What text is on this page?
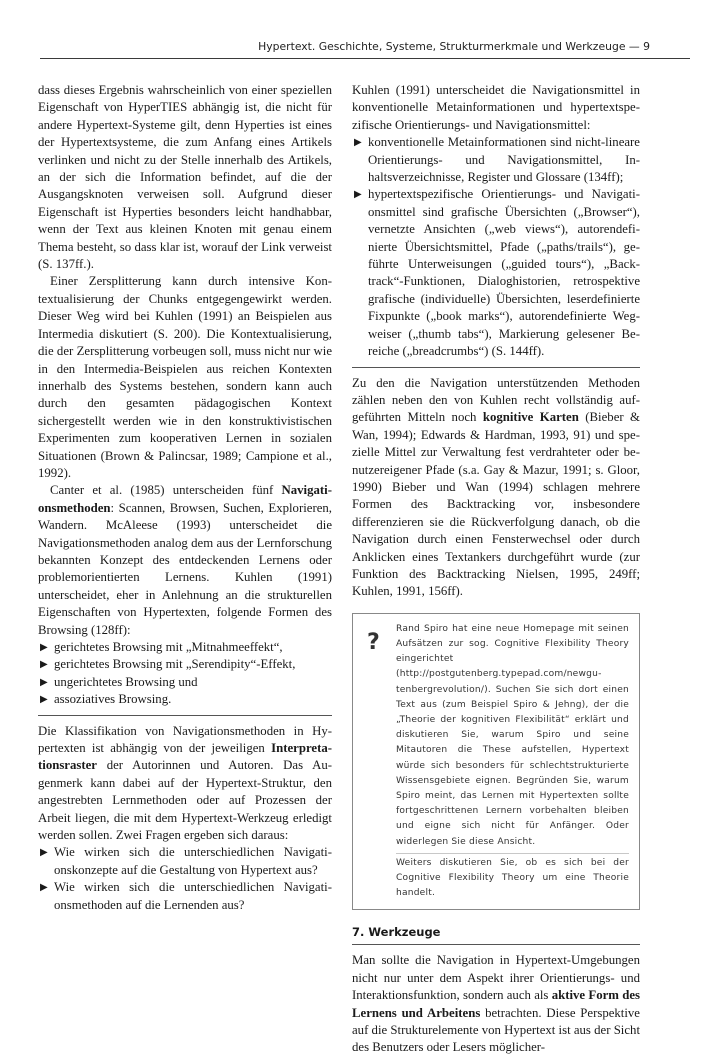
Hypertext. Geschichte, Systeme, Strukturmerkmale und Werkzeuge — 9

dass dieses Ergebnis wahrscheinlich von einer speziellen Eigenschaft von HyperTIES abhängig ist, die nicht für andere Hypertext-Systeme gilt, denn Hyperties ist eines der Hypertextsysteme, die zum Anfang eines Artikels verlinken und nicht zu der Stelle innerhalb des Artikels, an der sich die Information befindet, auf die der Ausgangsknoten verweisen soll. Aufgrund dieser Eigenschaft ist Hyperties besonders leicht handhabbar, wenn der Text aus kleinen Knoten mit genau einem Thema besteht, so dass klar ist, worauf der Link verweist (S. 137ff.).

Einer Zersplitterung kann durch intensive Kontextualisierung der Chunks entgegengewirkt werden. Dieser Weg wird bei Kuhlen (1991) an Beispielen aus Intermedia diskutiert (S. 200). Die Kontextualisierung, die der Zersplitterung vorbeugen soll, muss nicht nur wie in den Intermedia-Beispielen aus reichen Kontexten innerhalb des Systems bestehen, sondern kann auch durch den gesamten pädagogischen Kontext sichergestellt werden wie in den konstruktivistischen Experimenten zum kooperativen Lernen in sozialen Situationen (Brown & Palincsar, 1989; Campione et al., 1992).

Canter et al. (1985) unterscheiden fünf Navigationsmethoden: Scannen, Browsen, Suchen, Explorieren, Wandern. McAleese (1993) unterscheidet die Navigationsmethoden analog dem aus der Lernforschung bekannten Konzept des entdeckenden Lernens oder problemorientierten Lernens. Kuhlen (1991) unterscheidet, eher in Anlehnung an die strukturellen Eigenschaften von Hypertexten, folgende Formen des Browsing (128ff):

▶ gerichtetes Browsing mit „Mitnahmeeffekt“,
▶ gerichtetes Browsing mit „Serendipity“-Effekt,
▶ ungerichtetes Browsing und
▶ assoziatives Browsing.

Die Klassifikation von Navigationsmethoden in Hypertexten ist abhängig von der jeweiligen Interpretationsraster der Autorinnen und Autoren. Das Augenmerk kann dabei auf der Hypertext-Struktur, den angestrebten Lernmethoden oder auf Prozessen der Arbeit liegen, die mit dem Hypertext-Werkzeug erledigt werden sollen. Zwei Fragen ergeben sich daraus:

▶ Wie wirken sich die unterschiedlichen Navigationskonzepte auf die Gestaltung von Hypertext aus?
▶ Wie wirken sich die unterschiedlichen Navigationsmethoden auf die Lernenden aus?

Kuhlen (1991) unterscheidet die Navigationsmittel in konventionelle Metainformationen und hypertextspezifische Orientierungs- und Navigationsmittel:

▶ konventionelle Metainformationen sind nicht-lineare Orientierungs- und Navigationsmittel, Inhaltsverzeichnisse, Register und Glossare (134ff);
▶ hypertextspezifische Orientierungs- und Navigationsmittel sind grafische Übersichten („Browser“), vernetzte Ansichten („web views“), autorendefinierte Übersichtsmittel, Pfade („paths/trails“), geführte Unterweisungen („guided tours“), „Backtrack“-Funktionen, Dialoghistorien, retrospektive grafische (individuelle) Übersichten, leserdefinierte Fixpunkte („book marks“), autorendefinierte Wegweiser („thumb tabs“), Markierung gelesener Bereiche („breadcrumbs“) (S. 144ff).

Zu den die Navigation unterstützenden Methoden zählen neben den von Kuhlen recht vollständig aufgeführten Mitteln noch kognitive Karten (Bieber & Wan, 1994); Edwards & Hardman, 1993, 91) und spezielle Mittel zur Verwaltung fest verdrahteter oder benutzereigener Pfade (s.a. Gay & Mazur, 1991; s. Gloor, 1990) Bieber und Wan (1994) schlagen mehrere Formen des Backtracking vor, insbesondere differenzieren sie die Rückverfolgung danach, ob die Navigation durch einen Fensterwechsel oder durch Anklicken eines Textankers durchgeführt wurde (zur Funktion des Backtracking Nielsen, 1995, 249ff; Kuhlen, 1991, 156ff).

?

Rand Spiro hat eine neue Homepage mit seinen Aufsätzen zur sog. Cognitive Flexibility Theory eingerichtet (http://postgutenberg.typepad.com/newgutenbergrevolution/). Suchen Sie sich dort einen Text aus (zum Beispiel Spiro & Jehng), der die „Theorie der kognitiven Flexibilität“ erklärt und diskutieren Sie, warum Spiro und seine Mitautoren die These aufstellen, Hypertext würde sich besonders für schlechtstrukturierte Wissensgebiete eignen. Begründen Sie, warum Spiro meint, das Lernen mit Hypertexten sollte fortgeschrittenen Lernern vorbehalten bleiben und eigne sich nicht für Anfänger. Oder widerlegen Sie diese Ansicht.

Weiters diskutieren Sie, ob es sich bei der Cognitive Flexibility Theory um eine Theorie handelt.

7. Werkzeuge

Man sollte die Navigation in Hypertext-Umgebungen nicht nur unter dem Aspekt ihrer Orientierungs- und Interaktionsfunktion, sondern auch als aktive Form des Lernens und Arbeitens betrachten. Diese Perspektive auf die Strukturelemente von Hypertext ist aus der Sicht des Benutzers oder Lesers möglicher-
